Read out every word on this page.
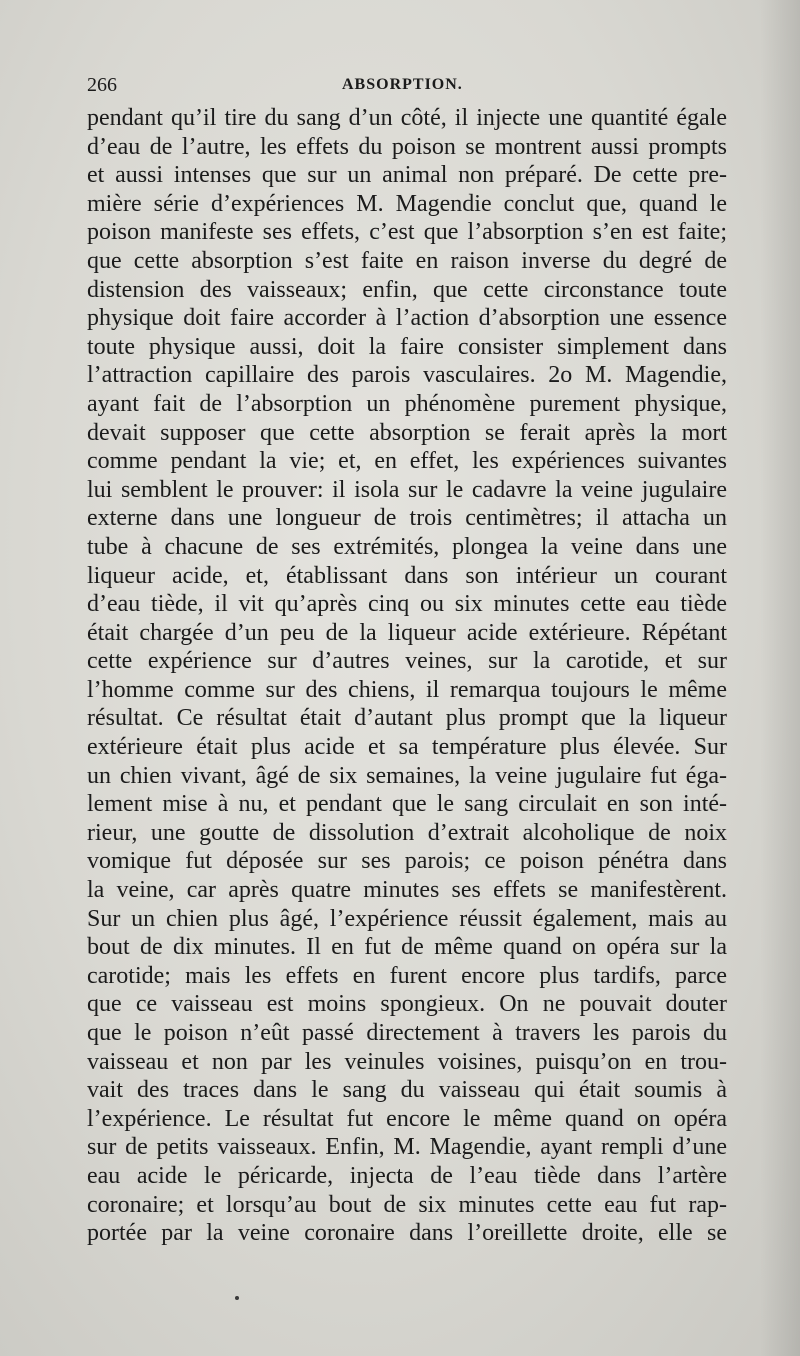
266	ABSORPTION.
pendant qu’il tire du sang d’un côté, il injecte une quantité égale
d’eau de l’autre, les effets du poison se montrent aussi prompts
et aussi intenses que sur un animal non préparé. De cette pre-
mière série d’expériences M. Magendie conclut que, quand le
poison manifeste ses effets, c’est que l’absorption s’en est faite;
que cette absorption s’est faite en raison inverse du degré de
distension des vaisseaux; enfin, que cette circonstance toute
physique doit faire accorder à l’action d’absorption une essence
toute physique aussi, doit la faire consister simplement dans
l’attraction capillaire des parois vasculaires. 2o M. Magendie,
ayant fait de l’absorption un phénomène purement physique,
devait supposer que cette absorption se ferait après la mort
comme pendant la vie; et, en effet, les expériences suivantes
lui semblent le prouver: il isola sur le cadavre la veine jugulaire
externe dans une longueur de trois centimètres; il attacha un
tube à chacune de ses extrémités, plongea la veine dans une
liqueur acide, et, établissant dans son intérieur un courant
d’eau tiède, il vit qu’après cinq ou six minutes cette eau tiède
était chargée d’un peu de la liqueur acide extérieure. Répétant
cette expérience sur d’autres veines, sur la carotide, et sur
l’homme comme sur des chiens, il remarqua toujours le même
résultat. Ce résultat était d’autant plus prompt que la liqueur
extérieure était plus acide et sa température plus élevée. Sur
un chien vivant, âgé de six semaines, la veine jugulaire fut éga-
lement mise à nu, et pendant que le sang circulait en son inté-
rieur, une goutte de dissolution d’extrait alcoholique de noix
vomique fut déposée sur ses parois; ce poison pénétra dans
la veine, car après quatre minutes ses effets se manifestèrent.
Sur un chien plus âgé, l’expérience réussit également, mais au
bout de dix minutes. Il en fut de même quand on opéra sur la
carotide; mais les effets en furent encore plus tardifs, parce
que ce vaisseau est moins spongieux. On ne pouvait douter
que le poison n’eût passé directement à travers les parois du
vaisseau et non par les veinules voisines, puisqu’on en trou-
vait des traces dans le sang du vaisseau qui était soumis à
l’expérience. Le résultat fut encore le même quand on opéra
sur de petits vaisseaux. Enfin, M. Magendie, ayant rempli d’une
eau acide le péricarde, injecta de l’eau tiède dans l’artère
coronaire; et lorsqu’au bout de six minutes cette eau fut rap-
portée par la veine coronaire dans l’oreillette droite, elle se
